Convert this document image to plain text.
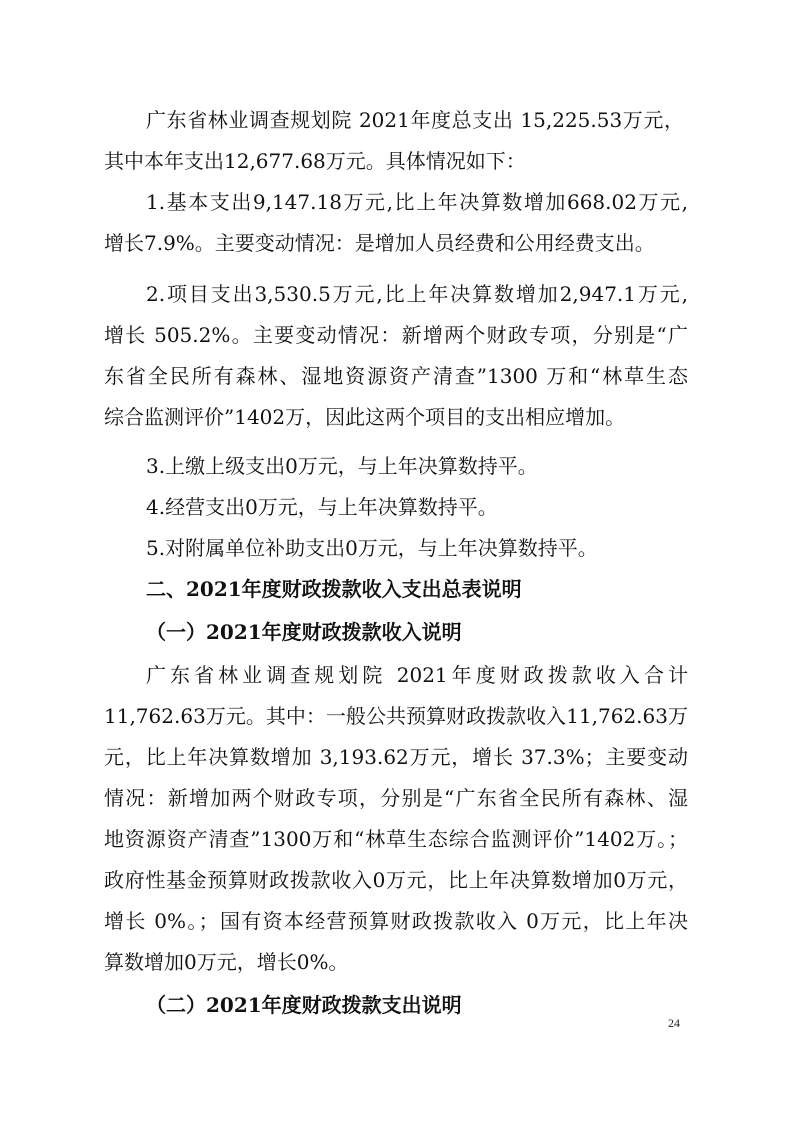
广东省林业调查规划院 2021年度总支出 15,225.53万元，
其中本年支出12,677.68万元。具体情况如下：
1.基本支出9,147.18万元,比上年决算数增加668.02万元,
增长7.9%。主要变动情况：是增加人员经费和公用经费支出。
2.项目支出3,530.5万元,比上年决算数增加2,947.1万元,
增长 505.2%。主要变动情况：新增两个财政专项，分别是“广
东省全民所有森林、湿地资源资产清查”1300 万和“林草生态
综合监测评价”1402万，因此这两个项目的支出相应增加。
3.上缴上级支出0万元，与上年决算数持平。
4.经营支出0万元，与上年决算数持平。
5.对附属单位补助支出0万元，与上年决算数持平。
二、2021年度财政拨款收入支出总表说明
（一）2021年度财政拨款收入说明
广东省林业调查规划院 2021年度财政拨款收入合计
11,762.63万元。其中：一般公共预算财政拨款收入11,762.63万
元，比上年决算数增加 3,193.62万元，增长 37.3%；主要变动
情况：新增加两个财政专项，分别是“广东省全民所有森林、湿
地资源资产清查”1300万和“林草生态综合监测评价”1402万。；
政府性基金预算财政拨款收入0万元，比上年决算数增加0万元，
增长 0%。；国有资本经营预算财政拨款收入 0万元，比上年决
算数增加0万元，增长0%。
（二）2021年度财政拨款支出说明
24
